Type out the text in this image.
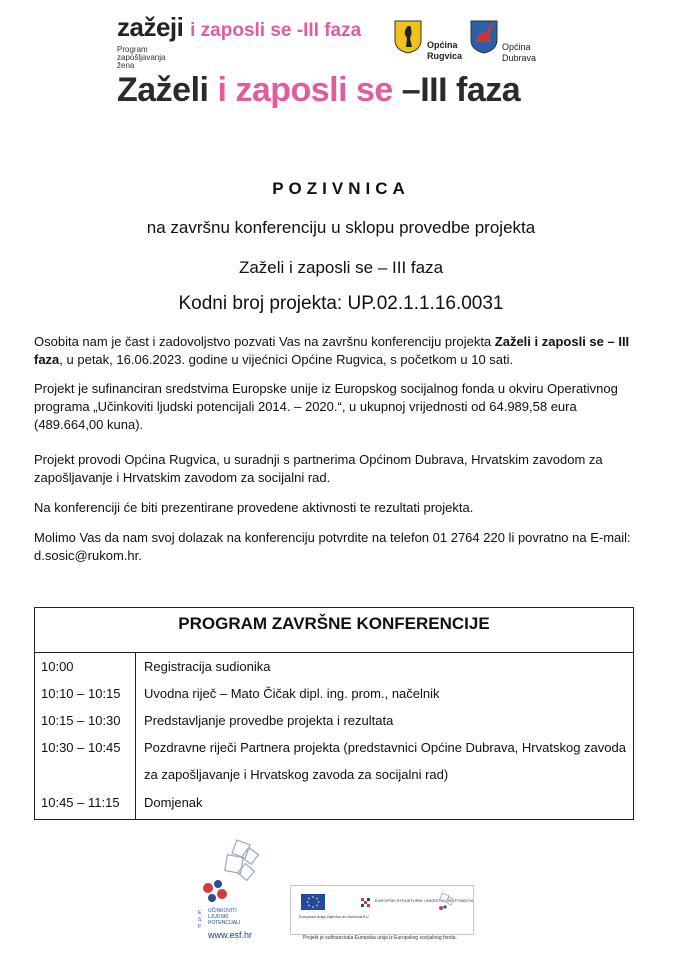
zažeji i zaposli se -III faza
Program
zapošljavanja
žena
Općina
Rugvica
Općina
Dubrava
Zaželi i zaposli se –III faza
POZIVNICA
na završnu konferenciju u sklopu provedbe projekta
Zaželi i zaposli se – III faza
Kodni broj projekta: UP.02.1.1.16.0031
Osobita nam je čast i zadovoljstvo pozvati Vas na završnu konferenciju projekta Zaželi i zaposli se – III faza, u petak, 16.06.2023. godine u vijećnici Općine Rugvica, s početkom u 10 sati.
Projekt je sufinanciran sredstvima Europske unije iz Europskog socijalnog fonda u okviru Operativnog programa „Učinkoviti ljudski potencijali 2014. – 2020.“, u ukupnoj vrijednosti od 64.989,58 eura (489.664,00 kuna).
Projekt provodi Općina Rugvica, u suradnji s partnerima Općinom Dubrava, Hrvatskim zavodom za zapošljavanje i Hrvatskim zavodom za socijalni rad.
Na konferenciji će biti prezentirane provedene aktivnosti te rezultati projekta.
Molimo Vas da nam svoj dolazak na konferenciju potvrdite na telefon 01 2764 220 li povratno na E-mail: d.sosic@rukom.hr.
PROGRAM ZAVRŠNE KONFERENCIJE
10:00	Registracija sudionika
10:10 – 10:15	Uvodna riječ – Mato Čičak dipl. ing. prom., načelnik
10:15 – 10:30	Predstavljanje provedbe projekta i rezultata
10:30 – 10:45	Pozdravne riječi Partnera projekta (predstavnici Općine Dubrava, Hrvatskog zavoda za zapošljavanje i Hrvatskog zavoda za socijalni rad)
10:45 – 11:15	Domjenak
E
S
F
UČINKOVITI
LJUDSKI
POTENCIJALI
www.esf.hr
Europska unija Zajedno do fondova EU
EUROPSKI STRUKTURNI I INVESTICIJSKI FONDOVI
Projekt je sufinancirala Europska unija iz Europskog socijalnog fonda.
